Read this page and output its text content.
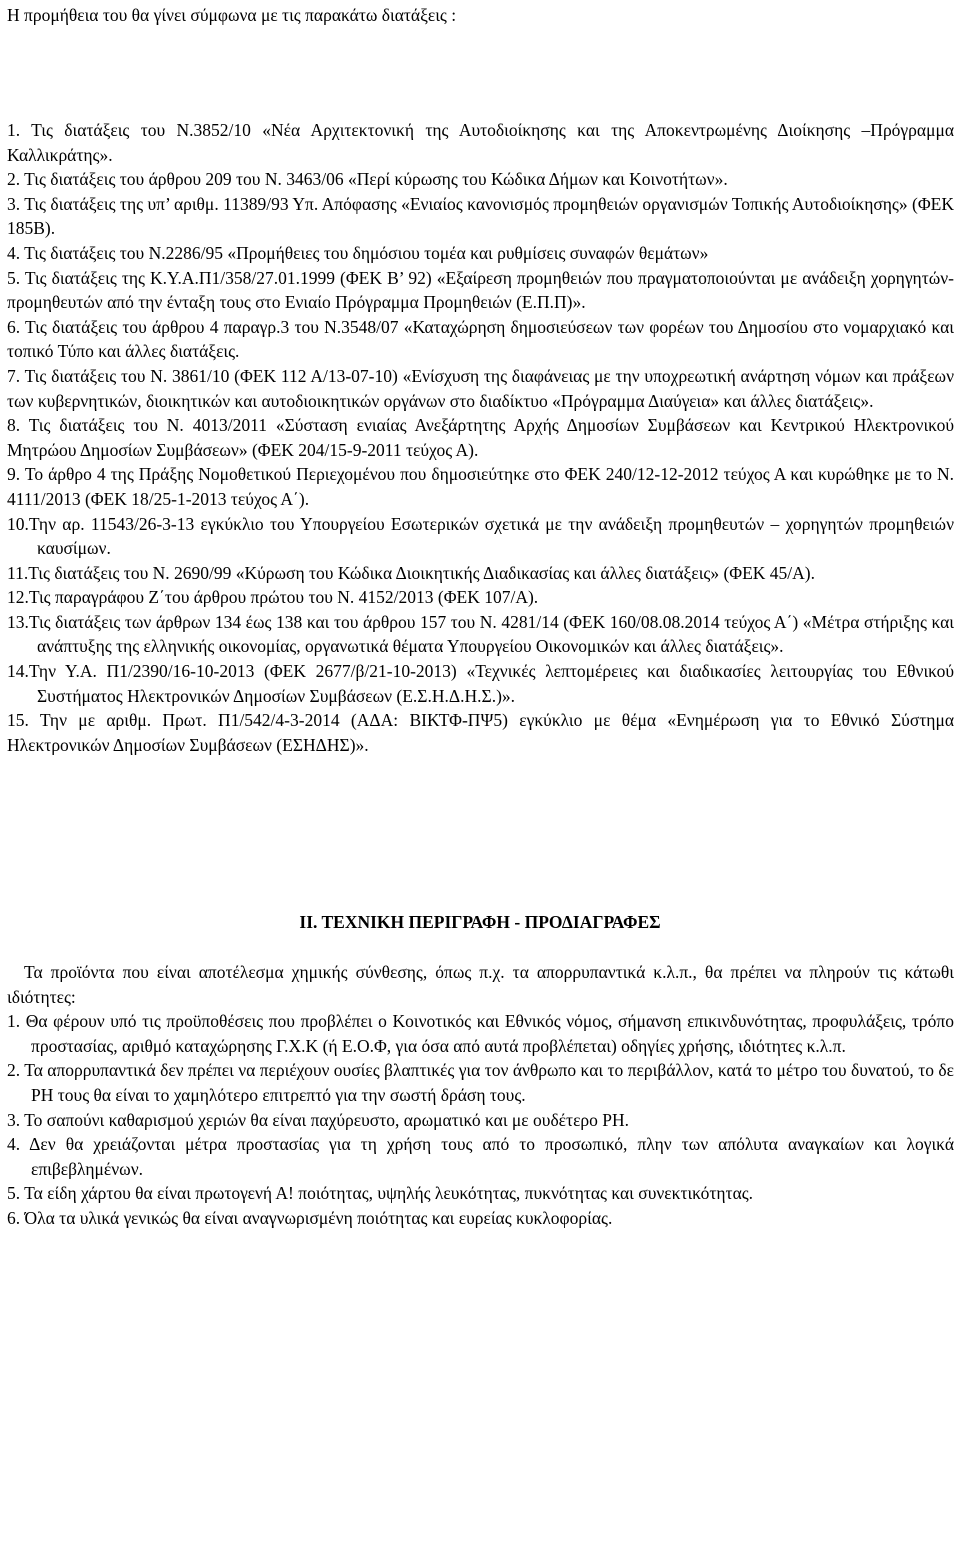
Η προμήθεια του θα γίνει σύμφωνα με τις παρακάτω διατάξεις :

1. Τις διατάξεις του Ν.3852/10 «Νέα Αρχιτεκτονική της Αυτοδιοίκησης και της Αποκεντρωμένης Διοίκησης –Πρόγραμμα Καλλικράτης».

2. Τις διατάξεις του άρθρου 209 του Ν. 3463/06 «Περί κύρωσης του Κώδικα Δήμων και Κοινοτήτων».

3. Τις διατάξεις της υπ’ αριθμ. 11389/93 Υπ. Απόφασης «Ενιαίος κανονισμός προμηθειών οργανισμών Τοπικής Αυτοδιοίκησης» (ΦΕΚ 185Β).

4. Τις διατάξεις του Ν.2286/95 «Προμήθειες του δημόσιου τομέα και ρυθμίσεις συναφών θεμάτων»

5. Τις διατάξεις της Κ.Υ.Α.Π1/358/27.01.1999 (ΦΕΚ Β’ 92) «Εξαίρεση προμηθειών που πραγματοποιούνται με ανάδειξη χορηγητών-προμηθευτών από την ένταξη τους στο Ενιαίο Πρόγραμμα Προμηθειών (Ε.Π.Π)».

6. Τις διατάξεις του άρθρου 4 παραγρ.3 του Ν.3548/07 «Καταχώρηση δημοσιεύσεων των φορέων του Δημοσίου στο νομαρχιακό και τοπικό Τύπο και άλλες διατάξεις.

7. Τις διατάξεις του Ν. 3861/10 (ΦΕΚ 112 Α/13-07-10) «Ενίσχυση της διαφάνειας με την υποχρεωτική ανάρτηση νόμων και πράξεων των κυβερνητικών, διοικητικών και αυτοδιοικητικών οργάνων στο διαδίκτυο «Πρόγραμμα Διαύγεια» και άλλες διατάξεις».

8. Τις διατάξεις του Ν. 4013/2011 «Σύσταση ενιαίας Ανεξάρτητης Αρχής Δημοσίων Συμβάσεων και Κεντρικού Ηλεκτρονικού Μητρώου Δημοσίων Συμβάσεων» (ΦΕΚ 204/15-9-2011 τεύχος Α).

9. Το άρθρο 4 της Πράξης Νομοθετικού Περιεχομένου που δημοσιεύτηκε στο ΦΕΚ 240/12-12-2012 τεύχος Α και κυρώθηκε με το Ν. 4111/2013 (ΦΕΚ 18/25-1-2013 τεύχος Α΄).

10.Την αρ. 11543/26-3-13 εγκύκλιο του Υπουργείου Εσωτερικών σχετικά με την ανάδειξη προμηθευτών – χορηγητών προμηθειών καυσίμων.

11.Τις διατάξεις του Ν. 2690/99 «Κύρωση του Κώδικα Διοικητικής Διαδικασίας και άλλες διατάξεις» (ΦΕΚ 45/Α).

12.Τις παραγράφου Ζ΄του άρθρου πρώτου του Ν. 4152/2013 (ΦΕΚ 107/Α).

13.Τις διατάξεις των άρθρων 134 έως 138 και του άρθρου 157 του Ν. 4281/14 (ΦΕΚ 160/08.08.2014 τεύχος Α΄) «Μέτρα στήριξης και ανάπτυξης της ελληνικής οικονομίας, οργανωτικά θέματα Υπουργείου Οικονομικών και άλλες διατάξεις».

14.Την Υ.Α. Π1/2390/16-10-2013 (ΦΕΚ 2677/β/21-10-2013) «Τεχνικές λεπτομέρειες και διαδικασίες λειτουργίας του Εθνικού Συστήματος Ηλεκτρονικών Δημοσίων Συμβάσεων (Ε.Σ.Η.Δ.Η.Σ.)».

15. Την με αριθμ. Πρωτ. Π1/542/4-3-2014 (ΑΔΑ: ΒΙΚΤΦ-ΠΨ5) εγκύκλιο με θέμα «Ενημέρωση για το Εθνικό Σύστημα Ηλεκτρονικών Δημοσίων Συμβάσεων (ΕΣΗΔΗΣ)».

ΙΙ. ΤΕΧΝΙΚΗ ΠΕΡΙΓΡΑΦΗ - ΠΡΟΔΙΑΓΡΑΦΕΣ

Τα προϊόντα που είναι αποτέλεσμα χημικής σύνθεσης, όπως π.χ. τα απορρυπαντικά κ.λ.π., θα πρέπει να πληρούν τις κάτωθι ιδιότητες:

1. Θα φέρουν υπό τις προϋποθέσεις που προβλέπει ο Κοινοτικός και Εθνικός νόμος, σήμανση επικινδυνότητας, προφυλάξεις, τρόπο προστασίας, αριθμό καταχώρησης Γ.Χ.Κ (ή Ε.Ο.Φ, για όσα από αυτά προβλέπεται) οδηγίες χρήσης, ιδιότητες κ.λ.π.

2. Τα απορρυπαντικά δεν πρέπει να περιέχουν ουσίες βλαπτικές για τον άνθρωπο και το περιβάλλον, κατά το μέτρο του δυνατού, το δε PH τους θα είναι το χαμηλότερο επιτρεπτό για την σωστή δράση τους.

3. Το σαπούνι καθαρισμού χεριών θα είναι παχύρευστο, αρωματικό και με ουδέτερο PH.

4. Δεν θα χρειάζονται μέτρα προστασίας για τη χρήση τους από το προσωπικό, πλην των απόλυτα αναγκαίων και λογικά επιβεβλημένων.

5. Τα είδη χάρτου θα είναι πρωτογενή Α! ποιότητας, υψηλής λευκότητας, πυκνότητας και συνεκτικότητας.

6. Όλα τα υλικά γενικώς θα είναι αναγνωρισμένη ποιότητας και ευρείας κυκλοφορίας.
